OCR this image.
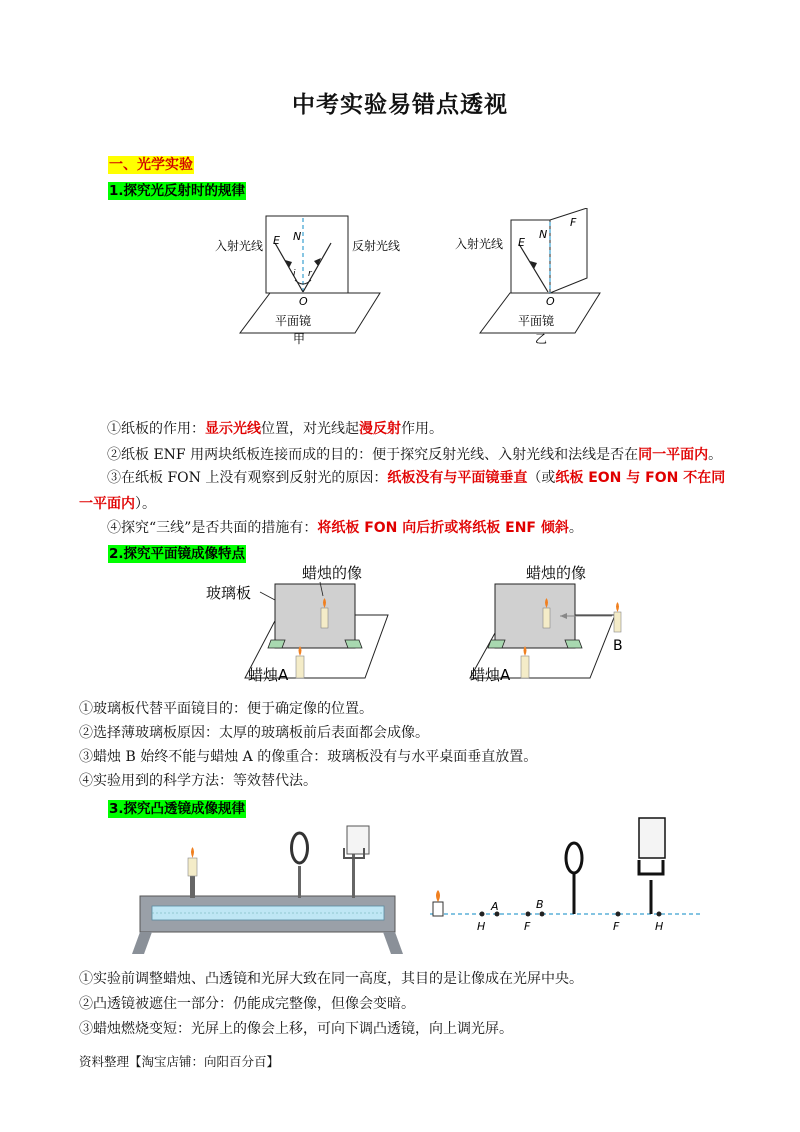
中考实验易错点透视
一、光学实验
1.探究光反射时的规律
E N
i r
O
入射光线	反射光线
平面镜
甲
E
N
F
O
入射光线
平面镜
乙
①纸板的作用：显示光线位置，对光线起漫反射作用。
②纸板 ENF 用两块纸板连接而成的目的：便于探究反射光线、入射光线和法线是否在同一平面内。
③在纸板 FON 上没有观察到反射光的原因：纸板没有与平面镜垂直（或纸板 EON 与 FON 不在同一平面内）。
④探究“三线”是否共面的措施有：将纸板 FON 向后折或将纸板 ENF 倾斜。
2.探究平面镜成像特点
蜡烛的像
玻璃板
蜡烛A
蜡烛的像
B
蜡烛A
①玻璃板代替平面镜目的：便于确定像的位置。
②选择薄玻璃板原因：太厚的玻璃板前后表面都会成像。
③蜡烛 B 始终不能与蜡烛 A 的像重合：玻璃板没有与水平桌面垂直放置。
④实验用到的科学方法：等效替代法。
3.探究凸透镜成像规律
A	B
H	F	F	H
①实验前调整蜡烛、凸透镜和光屏大致在同一高度，其目的是让像成在光屏中央。
②凸透镜被遮住一部分：仍能成完整像，但像会变暗。
③蜡烛燃烧变短：光屏上的像会上移，可向下调凸透镜，向上调光屏。
资料整理【淘宝店铺：向阳百分百】
